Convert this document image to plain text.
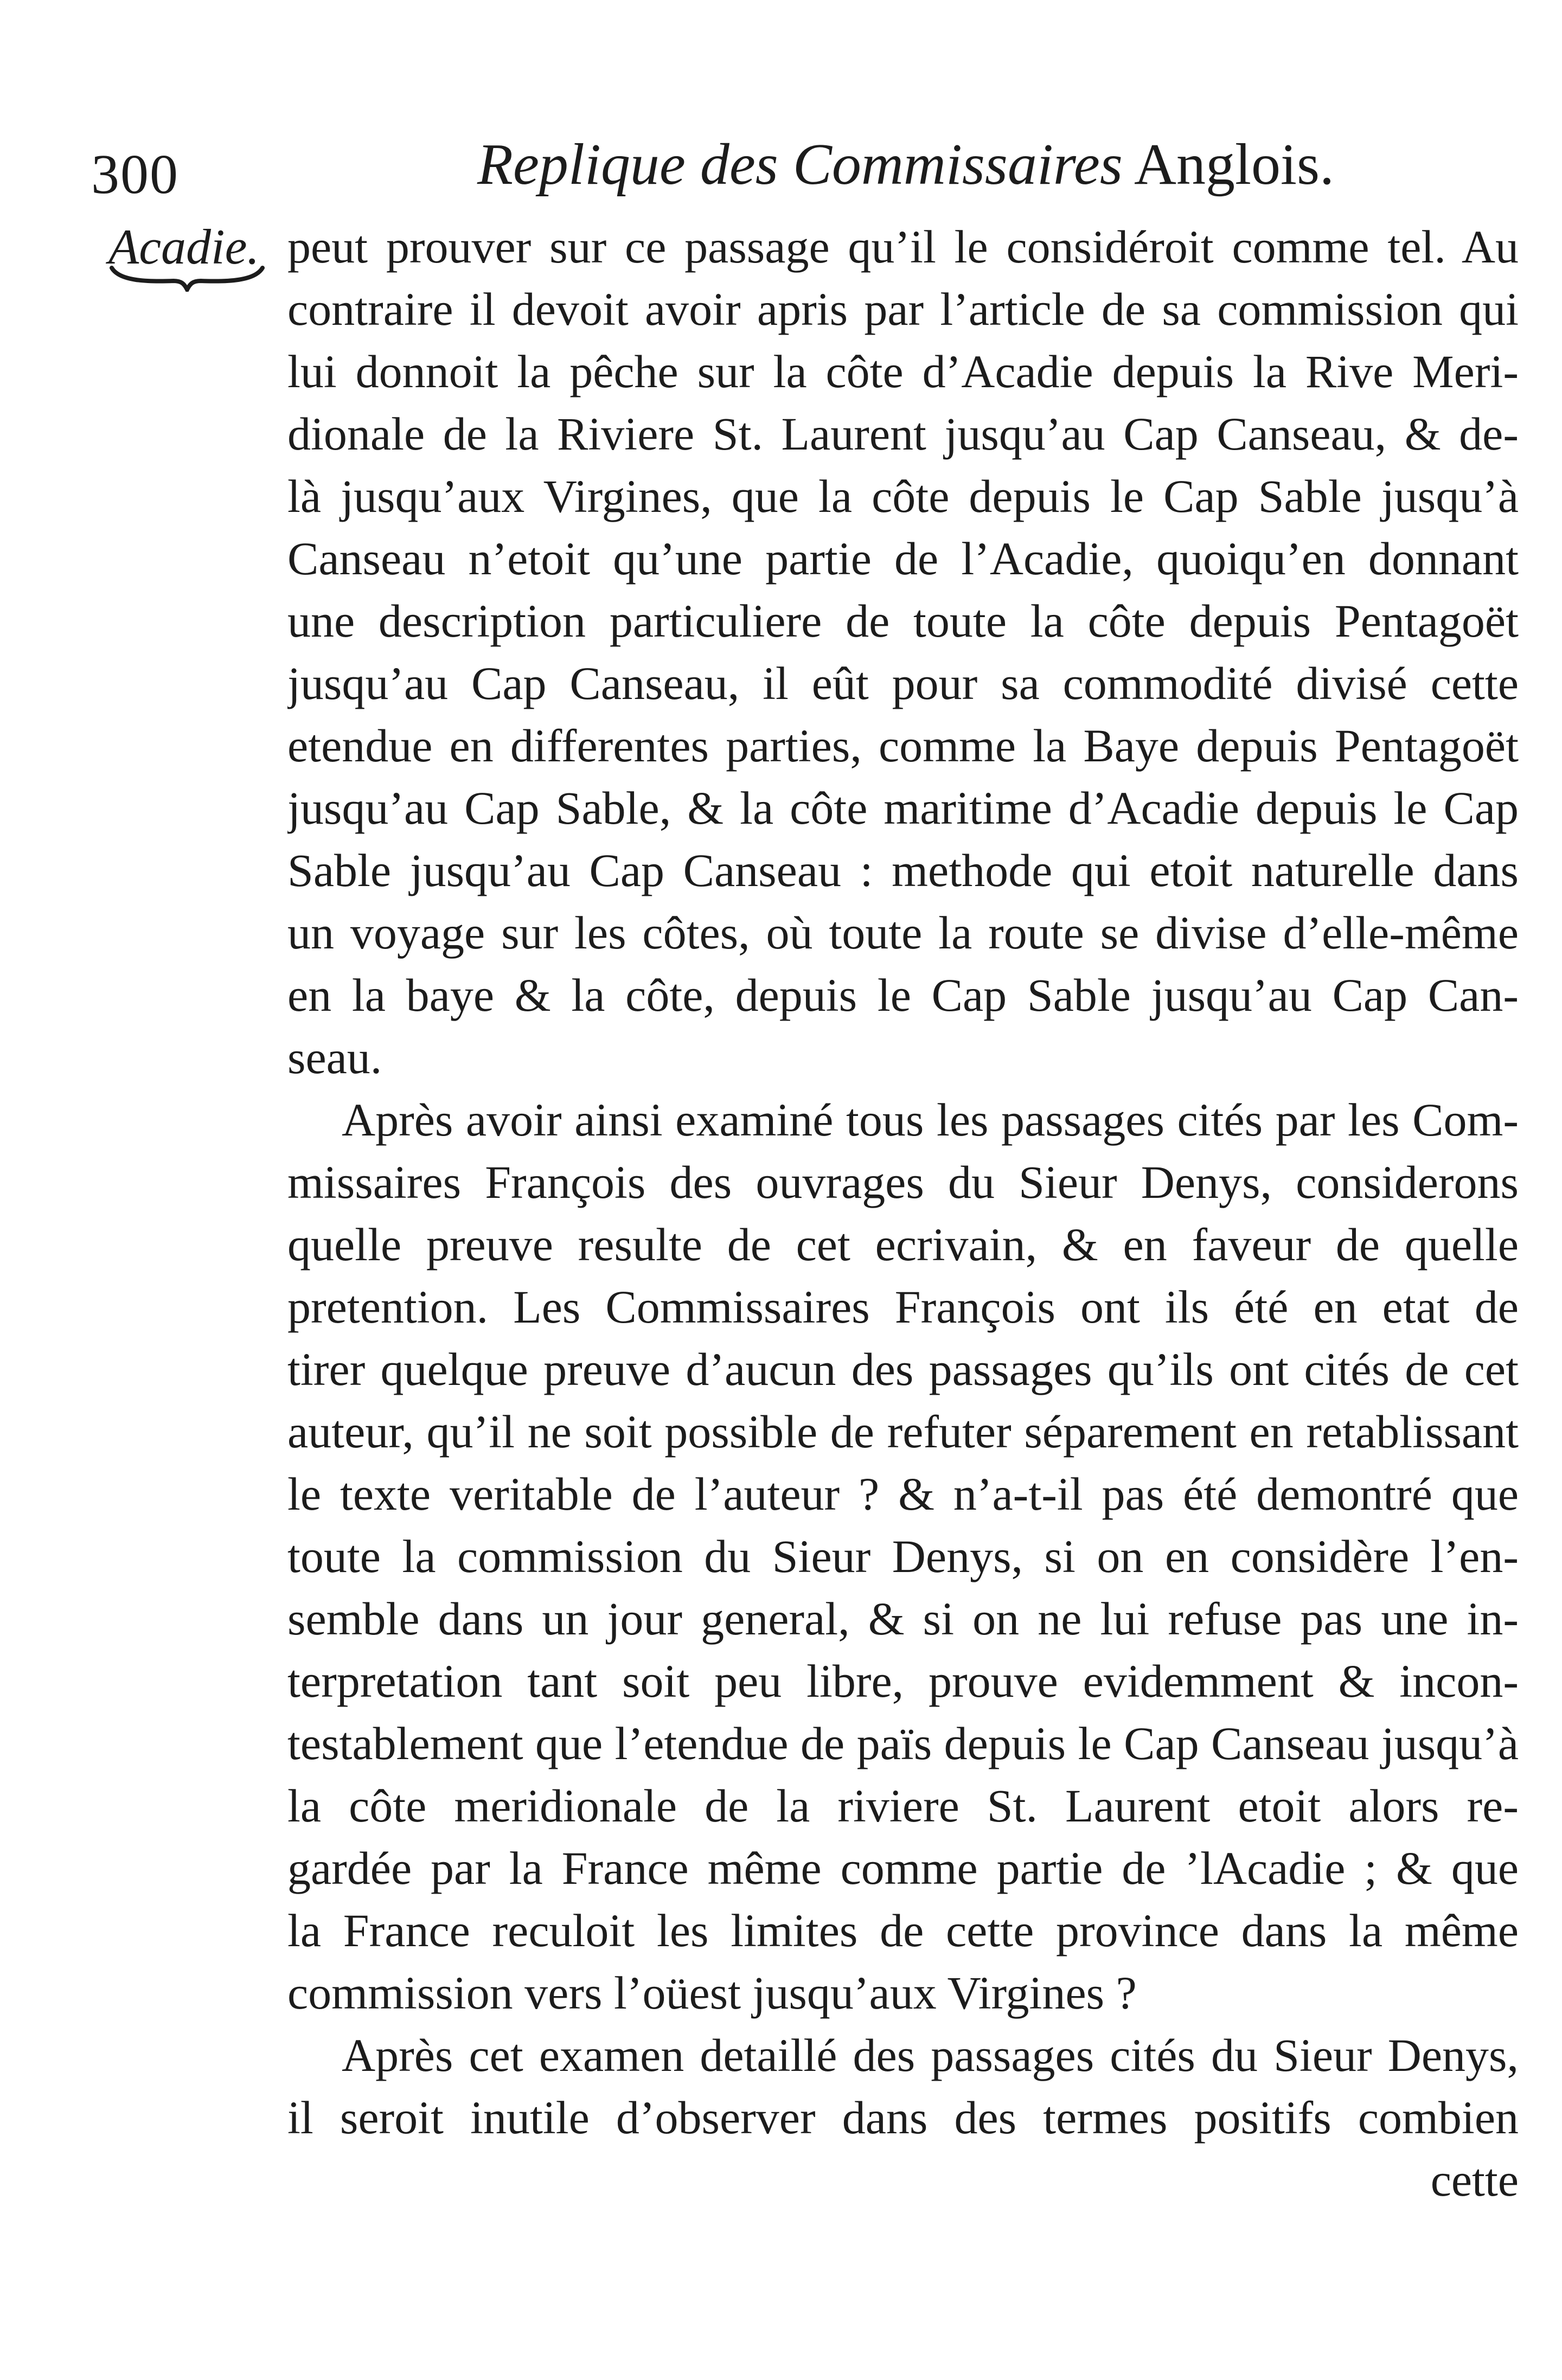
300	Replique des Commissaires Anglois.
Acadie. peut prouver sur ce passage qu’il le considéroit comme tel. Au
contraire il devoit avoir apris par l’article de sa commission qui
lui donnoit la pêche sur la côte d’Acadie depuis la Rive Meri-
dionale de la Riviere St. Laurent jusqu’au Cap Canseau, & de-
là jusqu’aux Virgines, que la côte depuis le Cap Sable jusqu’à
Canseau n’etoit qu’une partie de l’Acadie, quoiqu’en donnant
une description particuliere de toute la côte depuis Pentagoët
jusqu’au Cap Canseau, il eût pour sa commodité divisé cette
etendue en differentes parties, comme la Baye depuis Pentagoët
jusqu’au Cap Sable, & la côte maritime d’Acadie depuis le Cap
Sable jusqu’au Cap Canseau : methode qui etoit naturelle dans
un voyage sur les côtes, où toute la route se divise d’elle-même
en la baye & la côte, depuis le Cap Sable jusqu’au Cap Can-
seau.
Après avoir ainsi examiné tous les passages cités par les Com-
missaires François des ouvrages du Sieur Denys, considerons
quelle preuve resulte de cet ecrivain, & en faveur de quelle
pretention. Les Commissaires François ont ils été en etat de
tirer quelque preuve d’aucun des passages qu’ils ont cités de cet
auteur, qu’il ne soit possible de refuter séparement en retablissant
le texte veritable de l’auteur ? & n’a-t-il pas été demontré que
toute la commission du Sieur Denys, si on en considère l’en-
semble dans un jour general, & si on ne lui refuse pas une in-
terpretation tant soit peu libre, prouve evidemment & incon-
testablement que l’etendue de païs depuis le Cap Canseau jusqu’à
la côte meridionale de la riviere St. Laurent etoit alors re-
gardée par la France même comme partie de ’lAcadie ; & que
la France reculoit les limites de cette province dans la même
commission vers l’oüest jusqu’aux Virgines ?
Après cet examen detaillé des passages cités du Sieur Denys,
il seroit inutile d’observer dans des termes positifs combien
cette
